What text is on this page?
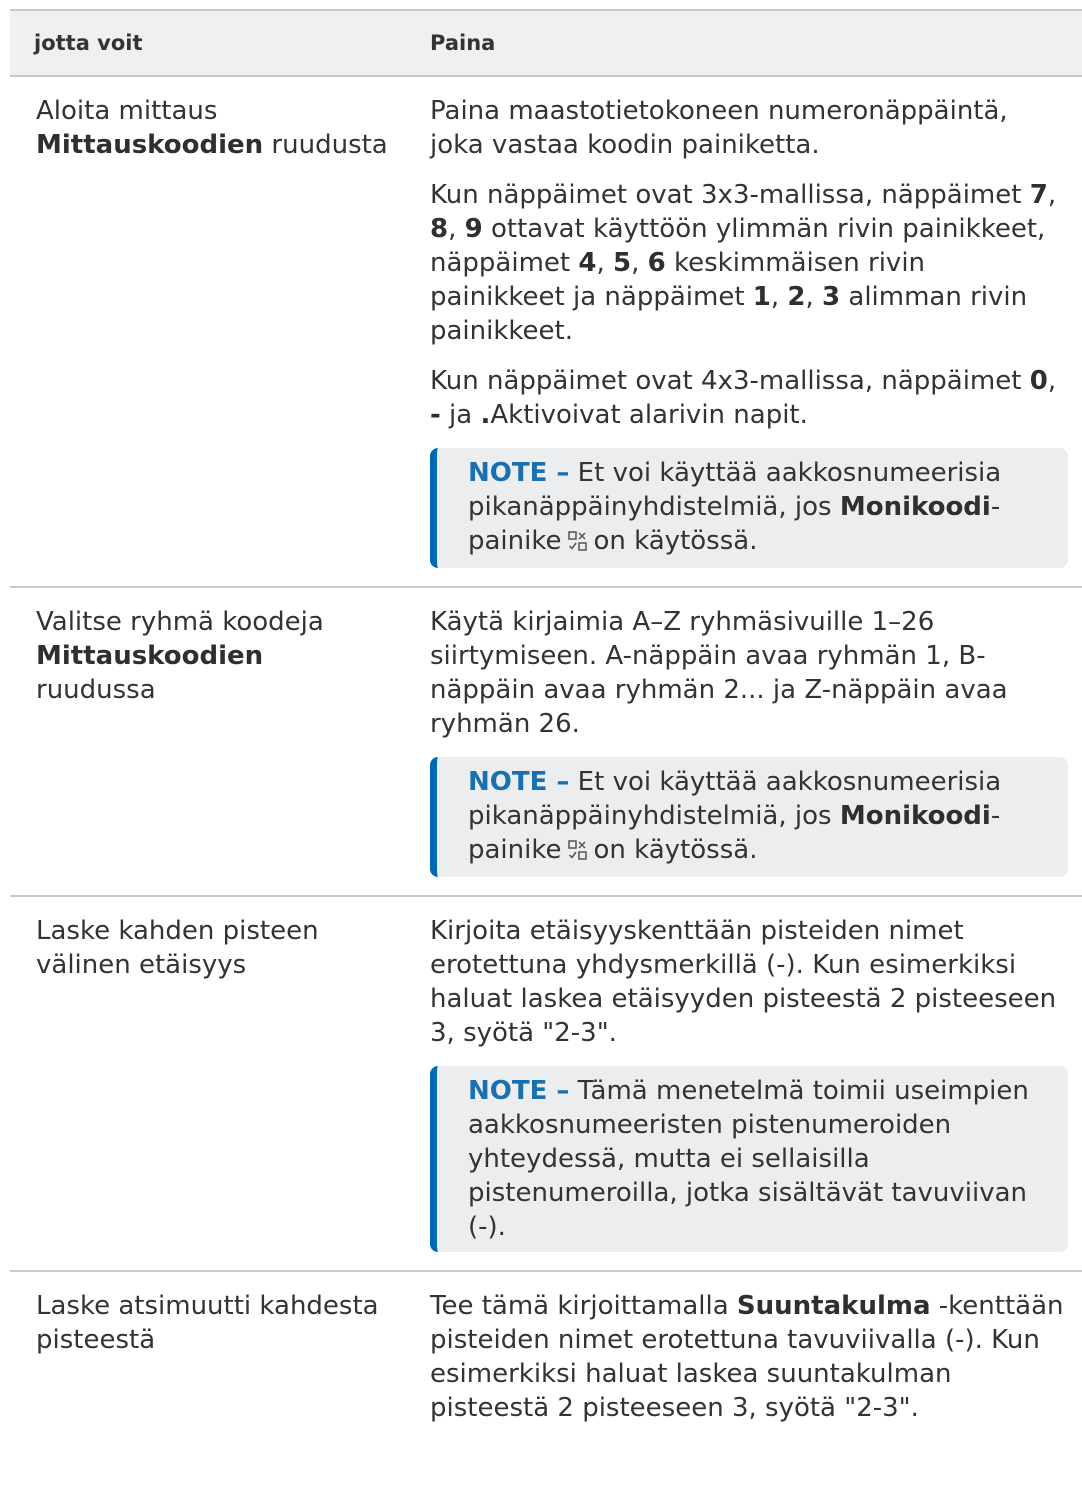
jotta voit	Paina
Aloita mittaus Mittauskoodien ruudusta	Paina maastotietokoneen numeronäppäintä, joka vastaa koodin painiketta.

Kun näppäimet ovat 3x3-mallissa, näppäimet 7, 8, 9 ottavat käyttöön ylimmän rivin painikkeet, näppäimet 4, 5, 6 keskimmäisen rivin painikkeet ja näppäimet 1, 2, 3 alimman rivin painikkeet.

Kun näppäimet ovat 4x3-mallissa, näppäimet 0, - ja .Aktivoivat alarivin napit.

NOTE – Et voi käyttää aakkosnumeerisia pikanäppäinyhdistelmiä, jos Monikoodi-painike on käytössä.

Valitse ryhmä koodeja Mittauskoodien ruudussa	Käytä kirjaimia A–Z ryhmäsivuille 1–26 siirtymiseen. A-näppäin avaa ryhmän 1, B-näppäin avaa ryhmän 2... ja Z-näppäin avaa ryhmän 26.

NOTE – Et voi käyttää aakkosnumeerisia pikanäppäinyhdistelmiä, jos Monikoodi-painike on käytössä.

Laske kahden pisteen välinen etäisyys	Kirjoita etäisyyskenttään pisteiden nimet erotettuna yhdysmerkillä (-). Kun esimerkiksi haluat laskea etäisyyden pisteestä 2 pisteeseen 3, syötä "2-3".

NOTE – Tämä menetelmä toimii useimpien aakkosnumeeristen pistenumeroiden yhteydessä, mutta ei sellaisilla pistenumeroilla, jotka sisältävät tavuviivan (-).

Laske atsimuutti kahdesta pisteestä	Tee tämä kirjoittamalla Suuntakulma -kenttään pisteiden nimet erotettuna tavuviivalla (-). Kun esimerkiksi haluat laskea suuntakulman pisteestä 2 pisteeseen 3, syötä "2-3".
